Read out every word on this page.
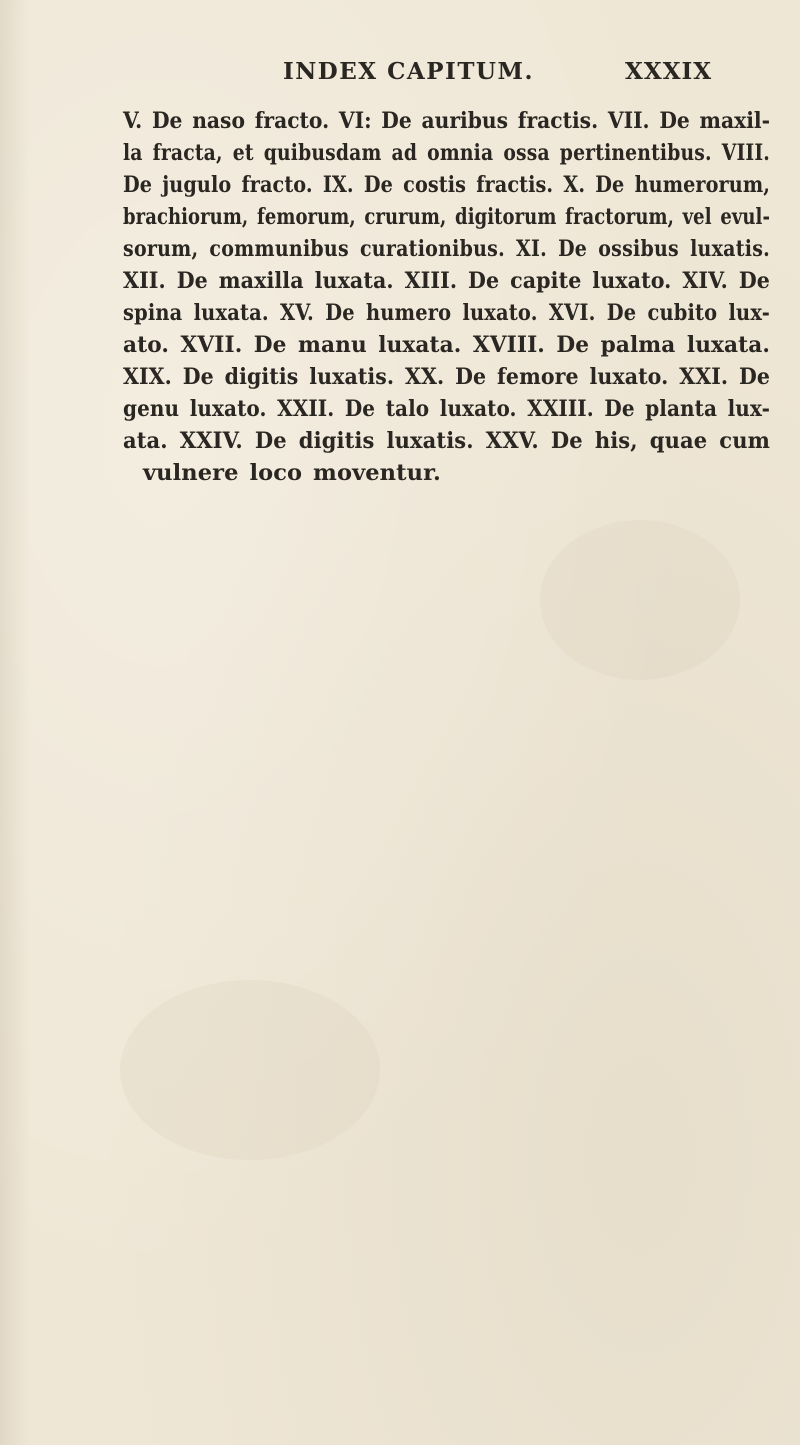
INDEX CAPITUM.	XXXIX
V. De naso fracto. VI: De auribus fractis. VII. De maxil-
la fracta, et quibusdam ad omnia ossa pertinentibus. VIII.
De jugulo fracto. IX. De costis fractis. X. De humerorum,
brachiorum, femorum, crurum, digitorum fractorum, vel evul-
sorum, communibus curationibus. XI. De ossibus luxatis.
XII. De maxilla luxata. XIII. De capite luxato. XIV. De
spina luxata. XV. De humero luxato. XVI. De cubito lux-
ato. XVII. De manu luxata. XVIII. De palma luxata.
XIX. De digitis luxatis. XX. De femore luxato. XXI. De
genu luxato. XXII. De talo luxato. XXIII. De planta lux-
ata. XXIV. De digitis luxatis. XXV. De his, quae cum
vulnere loco moventur.
